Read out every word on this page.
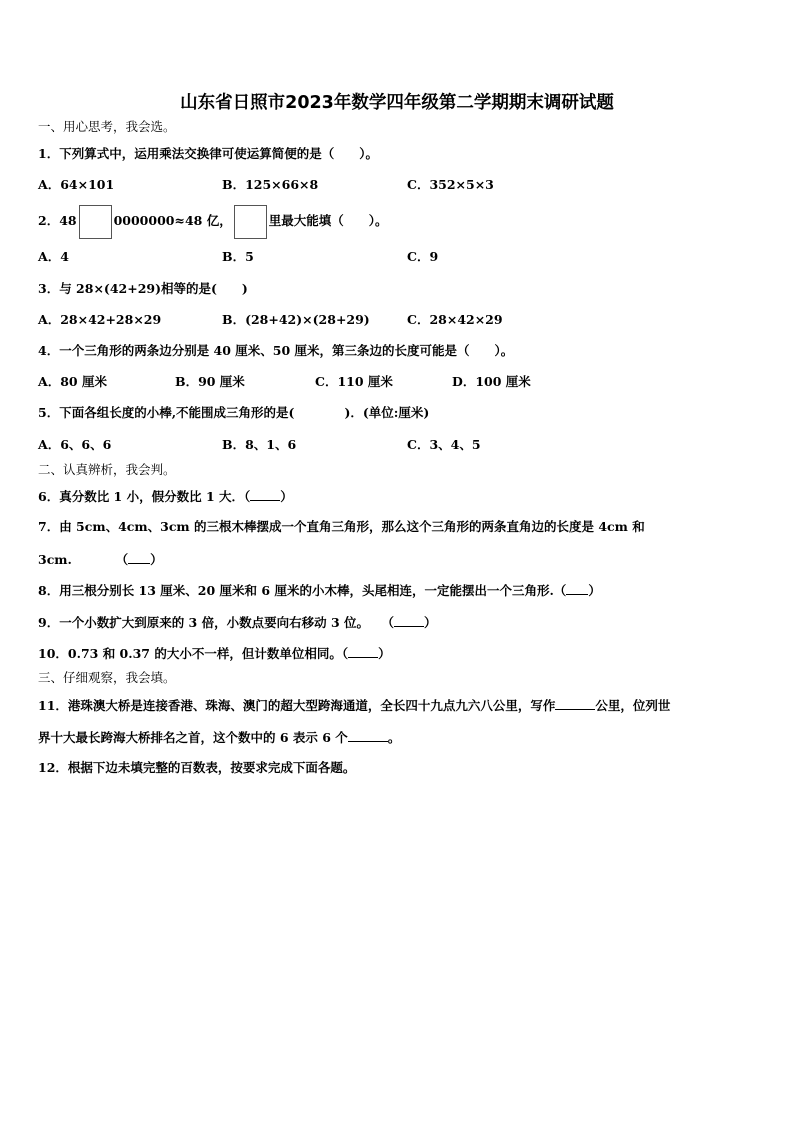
山东省日照市2023年数学四年级第二学期期末调研试题
一、用心思考，我会选。
1．下列算式中，运用乘法交换律可使运算简便的是（　　）。
A．64×101	B．125×66×8	C．352×5×3
2．48	0000000≈48 亿，	里最大能填（　　）。
A．4	B．5	C．9
3．与 28×(42+29)相等的是(　　)
A．28×42+28×29	B．(28+42)×(28+29)	C．28×42×29
4．一个三角形的两条边分别是 40 厘米、50 厘米，第三条边的长度可能是（　　）。
A．80 厘米	B．90 厘米	C．110 厘米	D．100 厘米
5．下面各组长度的小棒,不能围成三角形的是(　　　　)．(单位:厘米)
A．6、6、6	B．8、1、6	C．3、4、5
二、认真辨析，我会判。
6．真分数比 1 小，假分数比 1 大．（ ）
7．由 5cm、4cm、3cm 的三根木棒摆成一个直角三角形，那么这个三角形的两条直角边的长度是 4cm 和
3cm.　　　　（ ）
8．用三根分别长 13 厘米、20 厘米和 6 厘米的小木棒，头尾相连，一定能摆出一个三角形.（ ）
9．一个小数扩大到原来的 3 倍，小数点要向右移动 3 位。　　（ ）
10．0.73 和 0.37 的大小不一样，但计数单位相同。（ ）
三、仔细观察，我会填。
11．港珠澳大桥是连接香港、珠海、澳门的超大型跨海通道，全长四十九点九六八公里，写作	公里，位列世
界十大最长跨海大桥排名之首，这个数中的 6 表示 6 个	。
12．根据下边未填完整的百数表，按要求完成下面各题。
